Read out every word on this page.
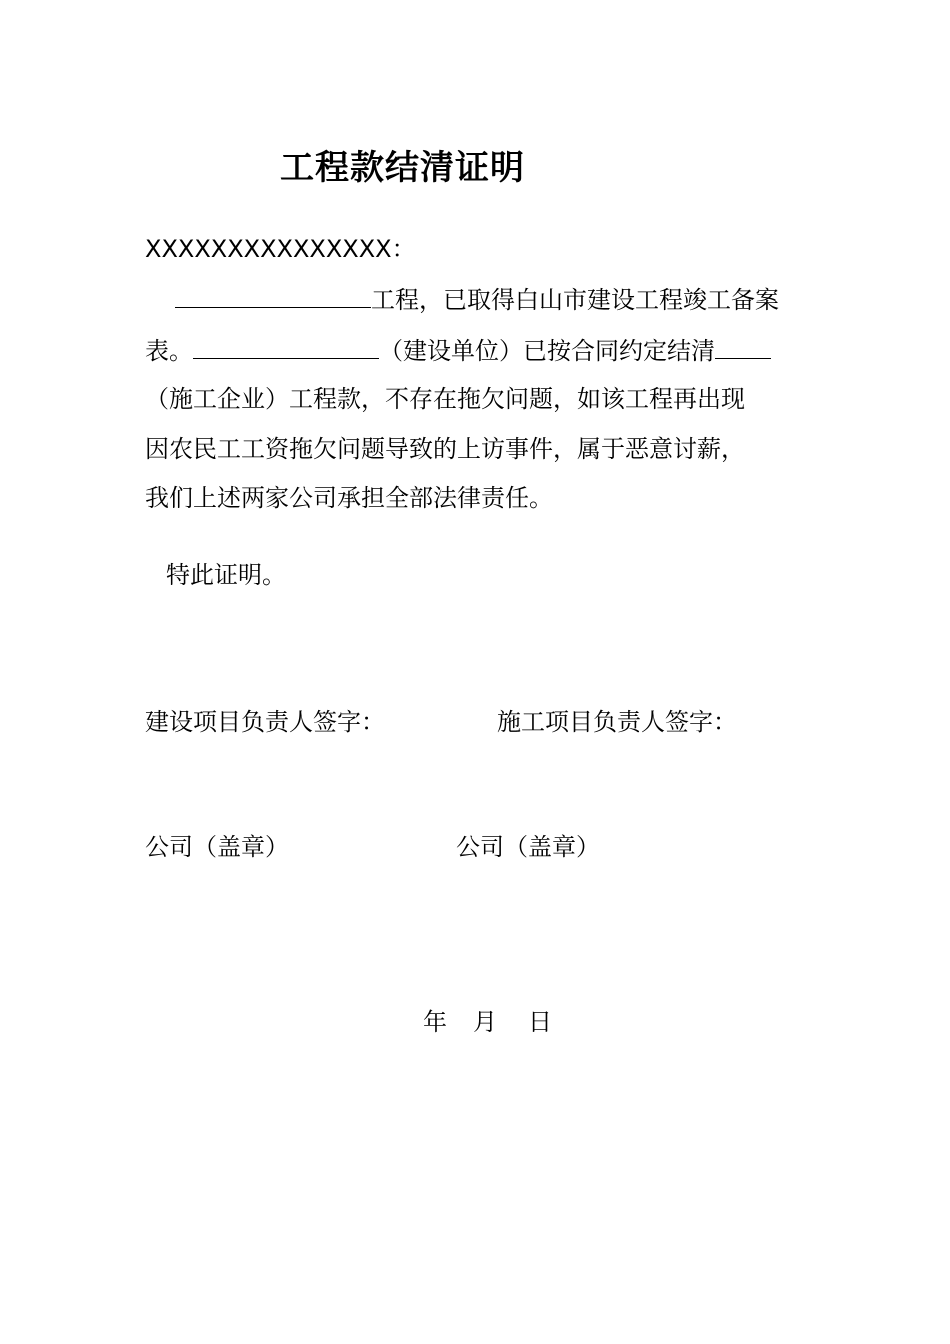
工程款结清证明
XXXXXXXXXXXXXXX：
工程，已取得白山市建设工程竣工备案
表。	（建设单位）已按合同约定结清
（施工企业）工程款，不存在拖欠问题，如该工程再出现
因农民工工资拖欠问题导致的上访事件，属于恶意讨薪，
我们上述两家公司承担全部法律责任。
特此证明。
建设项目负责人签字：	施工项目负责人签字：
公司（盖章）	公司（盖章）
年 月 日
